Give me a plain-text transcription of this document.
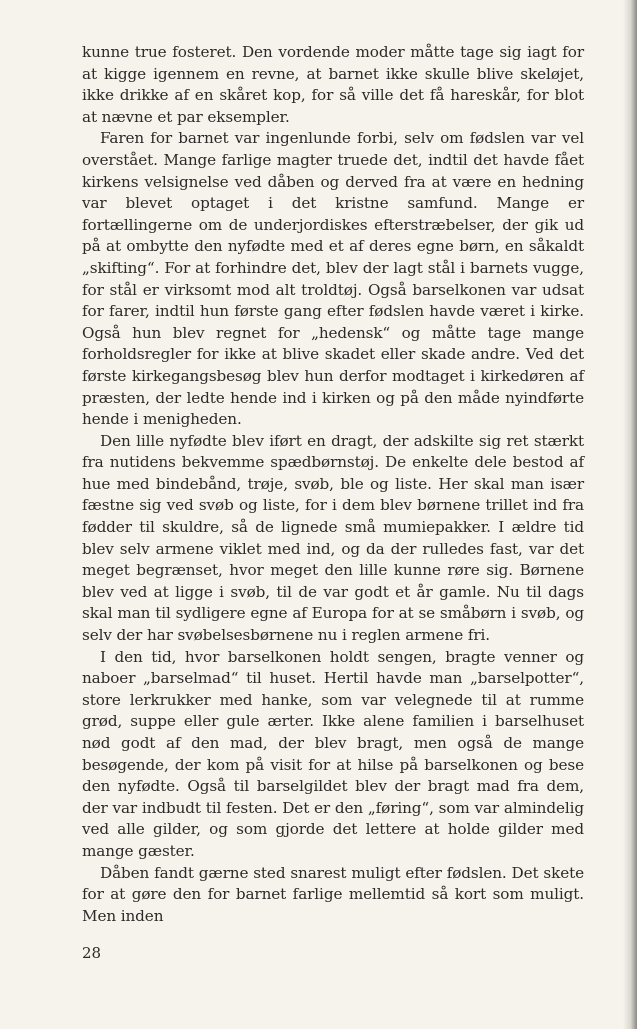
kunne true fosteret. Den vordende moder måtte tage sig iagt for at kigge igennem en revne, at barnet ikke skulle blive skeløjet, ikke drikke af en skåret kop, for så ville det få hareskår, for blot at nævne et par eksempler.

Faren for barnet var ingenlunde forbi, selv om fødslen var vel overstået. Mange farlige magter truede det, indtil det havde fået kirkens velsignelse ved dåben og derved fra at være en hedning var blevet optaget i det kristne samfund. Mange er fortællingerne om de underjordiskes efterstræbelser, der gik ud på at ombytte den nyfødte med et af deres egne børn, en såkaldt „skifting“. For at forhindre det, blev der lagt stål i barnets vugge, for stål er virksomt mod alt troldtøj. Også barselkonen var udsat for farer, indtil hun første gang efter fødslen havde været i kirke. Også hun blev regnet for „hedensk“ og måtte tage mange forholdsregler for ikke at blive skadet eller skade andre. Ved det første kirkegangsbesøg blev hun derfor modtaget i kirkedøren af præsten, der ledte hende ind i kirken og på den måde nyindførte hende i menigheden.

Den lille nyfødte blev iført en dragt, der adskilte sig ret stærkt fra nutidens bekvemme spædbørnstøj. De enkelte dele bestod af hue med bindebånd, trøje, svøb, ble og liste. Her skal man især fæstne sig ved svøb og liste, for i dem blev børnene trillet ind fra fødder til skuldre, så de lignede små mumiepakker. I ældre tid blev selv armene viklet med ind, og da der rulledes fast, var det meget begrænset, hvor meget den lille kunne røre sig. Børnene blev ved at ligge i svøb, til de var godt et år gamle. Nu til dags skal man til sydligere egne af Europa for at se småbørn i svøb, og selv der har svøbelsesbørnene nu i reglen armene fri.

I den tid, hvor barselkonen holdt sengen, bragte venner og naboer „barselmad“ til huset. Hertil havde man „barselpotter“, store lerkrukker med hanke, som var velegnede til at rumme grød, suppe eller gule ærter. Ikke alene familien i barselhuset nød godt af den mad, der blev bragt, men også de mange besøgende, der kom på visit for at hilse på barselkonen og bese den nyfødte. Også til barselgildet blev der bragt mad fra dem, der var indbudt til festen. Det er den „føring“, som var almindelig ved alle gilder, og som gjorde det lettere at holde gilder med mange gæster.

Dåben fandt gærne sted snarest muligt efter fødslen. Det skete for at gøre den for barnet farlige mellemtid så kort som muligt. Men inden

28
